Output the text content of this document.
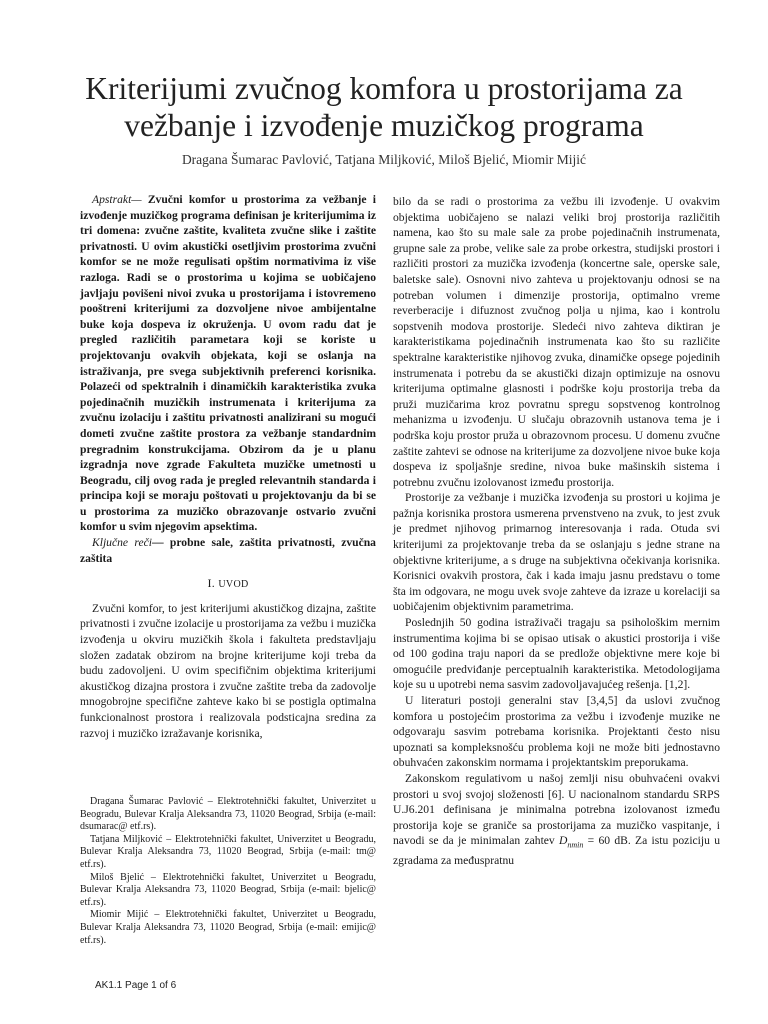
Kriterijumi zvučnog komfora u prostorijama za
vežbanje i izvođenje muzičkog programa
Dragana Šumarac Pavlović, Tatjana Miljković, Miloš Bjelić, Miomir Mijić

Apstrakt— Zvučni komfor u prostorima za vežbanje i izvođenje muzičkog programa definisan je kriterijumima iz tri domena: zvučne zaštite, kvaliteta zvučne slike i zaštite privatnosti. U ovim akustički osetljivim prostorima zvučni komfor se ne može regulisati opštim normativima iz više razloga. Radi se o prostorima u kojima se uobičajeno javljaju povišeni nivoi zvuka u prostorijama i istovremeno pooštreni kriterijumi za dozvoljene nivoe ambijentalne buke koja dospeva iz okruženja. U ovom radu dat je pregled različitih parametara koji se koriste u projektovanju ovakvih objekata, koji se oslanja na istraživanja, pre svega subjektivnih preferenci korisnika. Polazeći od spektralnih i dinamičkih karakteristika zvuka pojedinačnih muzičkih instrumenata i kriterijuma za zvučnu izolaciju i zaštitu privatnosti analizirani su mogući dometi zvučne zaštite prostora za vežbanje standardnim pregradnim konstrukcijama. Obzirom da je u planu izgradnja nove zgrade Fakulteta muzičke umetnosti u Beogradu, cilj ovog rada je pregled relevantnih standarda i principa koji se moraju poštovati u projektovanju da bi se u prostorima za muzičko obrazovanje ostvario zvučni komfor u svim njegovim apsektima.

Ključne reči— probne sale, zaštita privatnosti, zvučna zaštita

I. UVOD

Zvučni komfor, to jest kriterijumi akustičkog dizajna, zaštite privatnosti i zvučne izolacije u prostorijama za vežbu i muzička izvođenja u okviru muzičkih škola i fakulteta predstavljaju složen zadatak obzirom na brojne kriterijume koji treba da budu zadovoljeni. U ovim specifičnim objektima kriterijumi akustičkog dizajna prostora i zvučne zaštite treba da zadovolje mnogobrojne specifične zahteve kako bi se postigla optimalna funkcionalnost prostora i realizovala podsticajna sredina za razvoj i muzičko izražavanje korisnika,

Dragana Šumarac Pavlović – Elektrotehnički fakultet, Univerzitet u Beogradu, Bulevar Kralja Aleksandra 73, 11020 Beograd, Srbija (e-mail: dsumarac@ etf.rs).

Tatjana Miljković – Elektrotehnički fakultet, Univerzitet u Beogradu, Bulevar Kralja Aleksandra 73, 11020 Beograd, Srbija (e-mail: tm@ etf.rs).

Miloš Bjelić – Elektrotehnički fakultet, Univerzitet u Beogradu, Bulevar Kralja Aleksandra 73, 11020 Beograd, Srbija (e-mail: bjelic@ etf.rs).

Miomir Mijić – Elektrotehnički fakultet, Univerzitet u Beogradu, Bulevar Kralja Aleksandra 73, 11020 Beograd, Srbija (e-mail: emijic@ etf.rs).

bilo da se radi o prostorima za vežbu ili izvođenje. U ovakvim objektima uobičajeno se nalazi veliki broj prostorija različitih namena, kao što su male sale za probe pojedinačnih instrumenata, grupne sale za probe, velike sale za probe orkestra, studijski prostori i različiti prostori za muzička izvođenja (koncertne sale, operske sale, baletske sale). Osnovni nivo zahteva u projektovanju odnosi se na potreban volumen i dimenzije prostorija, optimalno vreme reverberacije i difuznost zvučnog polja u njima, kao i kontrolu sopstvenih modova prostorije. Sledeći nivo zahteva diktiran je karakteristikama pojedinačnih instrumenata kao što su različite spektralne karakteristike njihovog zvuka, dinamičke opsege pojedinih instrumenata i potrebu da se akustički dizajn optimizuje na osnovu kriterijuma optimalne glasnosti i podrške koju prostorija treba da pruži muzičarima kroz povratnu spregu sopstvenog kontrolnog mehanizma u izvođenju. U slučaju obrazovnih ustanova tema je i podrška koju prostor pruža u obrazovnom procesu. U domenu zvučne zaštite zahtevi se odnose na kriterijume za dozvoljene nivoe buke koja dospeva iz spoljašnje sredine, nivoa buke mašinskih sistema i potrebnu zvučnu izolovanost između prostorija.

Prostorije za vežbanje i muzička izvođenja su prostori u kojima je pažnja korisnika prostora usmerena prvenstveno na zvuk, to jest zvuk je predmet njihovog primarnog interesovanja i rada. Otuda svi kriterijumi za projektovanje treba da se oslanjaju s jedne strane na objektivne kriterijume, a s druge na subjektivna očekivanja korisnika. Korisnici ovakvih prostora, čak i kada imaju jasnu predstavu o tome šta im odgovara, ne mogu uvek svoje zahteve da izraze u korelaciji sa uobičajenim objektivnim parametrima.

Poslednjih 50 godina istraživači tragaju sa psihološkim mernim instrumentima kojima bi se opisao utisak o akustici prostorija i više od 100 godina traju napori da se predlože objektivne mere koje bi omogućile predviđanje perceptualnih karakteristika. Metodologijama koje su u upotrebi nema sasvim zadovoljavajućeg rešenja. [1,2].

U literaturi postoji generalni stav [3,4,5] da uslovi zvučnog komfora u postojećim prostorima za vežbu i izvođenje muzike ne odgovaraju sasvim potrebama korisnika. Projektanti često nisu upoznati sa kompleksnošću problema koji ne može biti jednostavno obuhvaćen zakonskim normama i projektantskim preporukama.

Zakonskom regulativom u našoj zemlji nisu obuhvaćeni ovakvi prostori u svoj svojoj složenosti [6]. U nacionalnom standardu SRPS U.J6.201 definisana je minimalna potrebna izolovanost između prostorija koje se graniče sa prostorijama za muzičko vaspitanje, i navodi se da je minimalan zahtev $D_{nmin} = 60$ dB. Za istu poziciju u zgradama za međuspratnu

AK1.1 Page 1 of 6
